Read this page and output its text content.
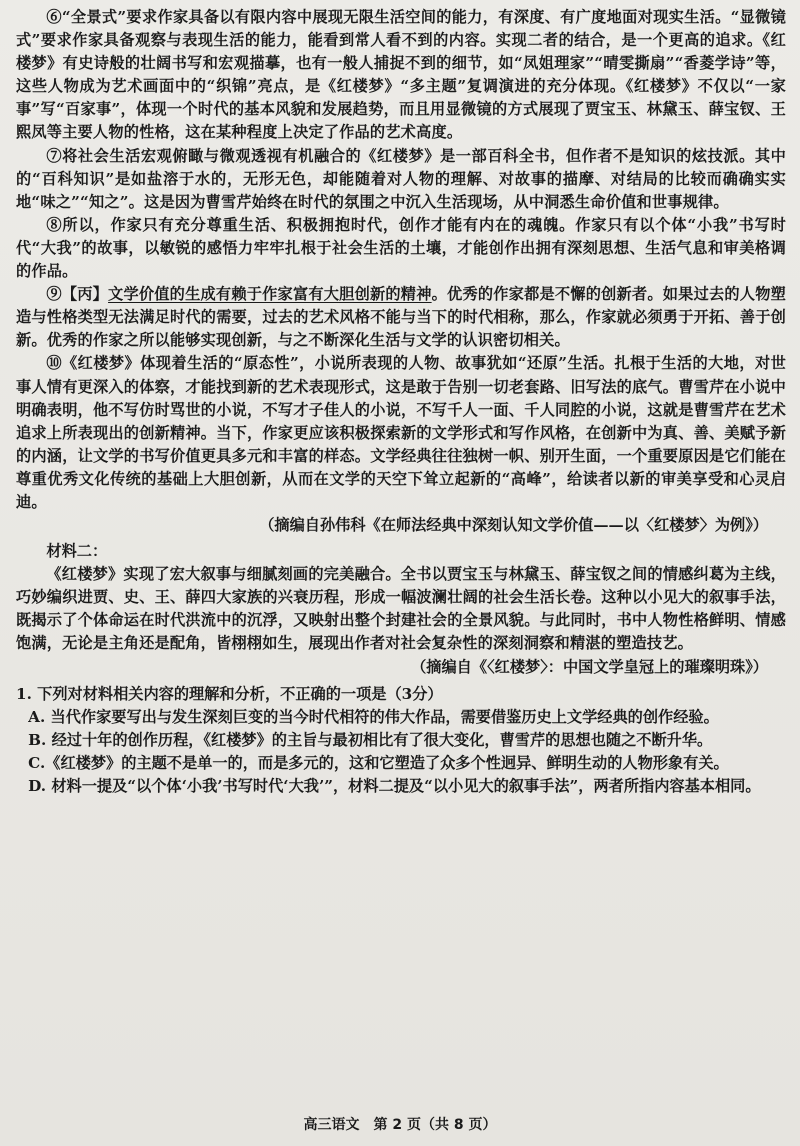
⑥“全景式”要求作家具备以有限内容中展现无限生活空间的能力，有深度、有广度地面对现实生活。“显微镜式”要求作家具备观察与表现生活的能力，能看到常人看不到的内容。实现二者的结合，是一个更高的追求。《红楼梦》有史诗般的壮阔书写和宏观描摹，也有一般人捕捉不到的细节，如“凤姐理家”“晴雯撕扇”“香菱学诗”等，这些人物成为艺术画面中的“织锦”亮点，是《红楼梦》“多主题”复调演进的充分体现。《红楼梦》不仅以“一家事”写“百家事”，体现一个时代的基本风貌和发展趋势，而且用显微镜的方式展现了贾宝玉、林黛玉、薛宝钗、王熙凤等主要人物的性格，这在某种程度上决定了作品的艺术高度。

⑦将社会生活宏观俯瞰与微观透视有机融合的《红楼梦》是一部百科全书，但作者不是知识的炫技派。其中的“百科知识”是如盐溶于水的，无形无色，却能随着对人物的理解、对故事的描摩、对结局的比较而确确实实地“味之”“知之”。这是因为曹雪芹始终在时代的氛围之中沉入生活现场，从中洞悉生命价值和世事规律。

⑧所以，作家只有充分尊重生活、积极拥抱时代，创作才能有内在的魂魄。作家只有以个体“小我”书写时代“大我”的故事，以敏锐的感悟力牢牢扎根于社会生活的土壤，才能创作出拥有深刻思想、生活气息和审美格调的作品。

⑨【丙】文学价值的生成有赖于作家富有大胆创新的精神。优秀的作家都是不懈的创新者。如果过去的人物塑造与性格类型无法满足时代的需要，过去的艺术风格不能与当下的时代相称，那么，作家就必须勇于开拓、善于创新。优秀的作家之所以能够实现创新，与之不断深化生活与文学的认识密切相关。

⑩《红楼梦》体现着生活的“原态性”，小说所表现的人物、故事犹如“还原”生活。扎根于生活的大地，对世事人情有更深入的体察，才能找到新的艺术表现形式，这是敢于告别一切老套路、旧写法的底气。曹雪芹在小说中明确表明，他不写仿时骂世的小说，不写才子佳人的小说，不写千人一面、千人同腔的小说，这就是曹雪芹在艺术追求上所表现出的创新精神。当下，作家更应该积极探索新的文学形式和写作风格，在创新中为真、善、美赋予新的内涵，让文学的书写价值更具多元和丰富的样态。文学经典往往独树一帜、别开生面，一个重要原因是它们能在尊重优秀文化传统的基础上大胆创新，从而在文学的天空下耸立起新的“高峰”，给读者以新的审美享受和心灵启迪。

（摘编自孙伟科《在师法经典中深刻认知文学价值——以〈红楼梦〉为例》）

材料二：

《红楼梦》实现了宏大叙事与细腻刻画的完美融合。全书以贾宝玉与林黛玉、薛宝钗之间的情感纠葛为主线，巧妙编织进贾、史、王、薛四大家族的兴衰历程，形成一幅波澜壮阔的社会生活长卷。这种以小见大的叙事手法，既揭示了个体命运在时代洪流中的沉浮，又映射出整个封建社会的全景风貌。与此同时，书中人物性格鲜明、情感饱满，无论是主角还是配角，皆栩栩如生，展现出作者对社会复杂性的深刻洞察和精湛的塑造技艺。

（摘编自《〈红楼梦〉：中国文学皇冠上的璀璨明珠》）

1. 下列对材料相关内容的理解和分析，不正确的一项是（3分）

A. 当代作家要写出与发生深刻巨变的当今时代相符的伟大作品，需要借鉴历史上文学经典的创作经验。

B. 经过十年的创作历程，《红楼梦》的主旨与最初相比有了很大变化，曹雪芹的思想也随之不断升华。

C.《红楼梦》的主题不是单一的，而是多元的，这和它塑造了众多个性迥异、鲜明生动的人物形象有关。

D. 材料一提及“以个体‘小我’书写时代‘大我’”，材料二提及“以小见大的叙事手法”，两者所指内容基本相同。

高三语文　第 2 页（共 8 页）
